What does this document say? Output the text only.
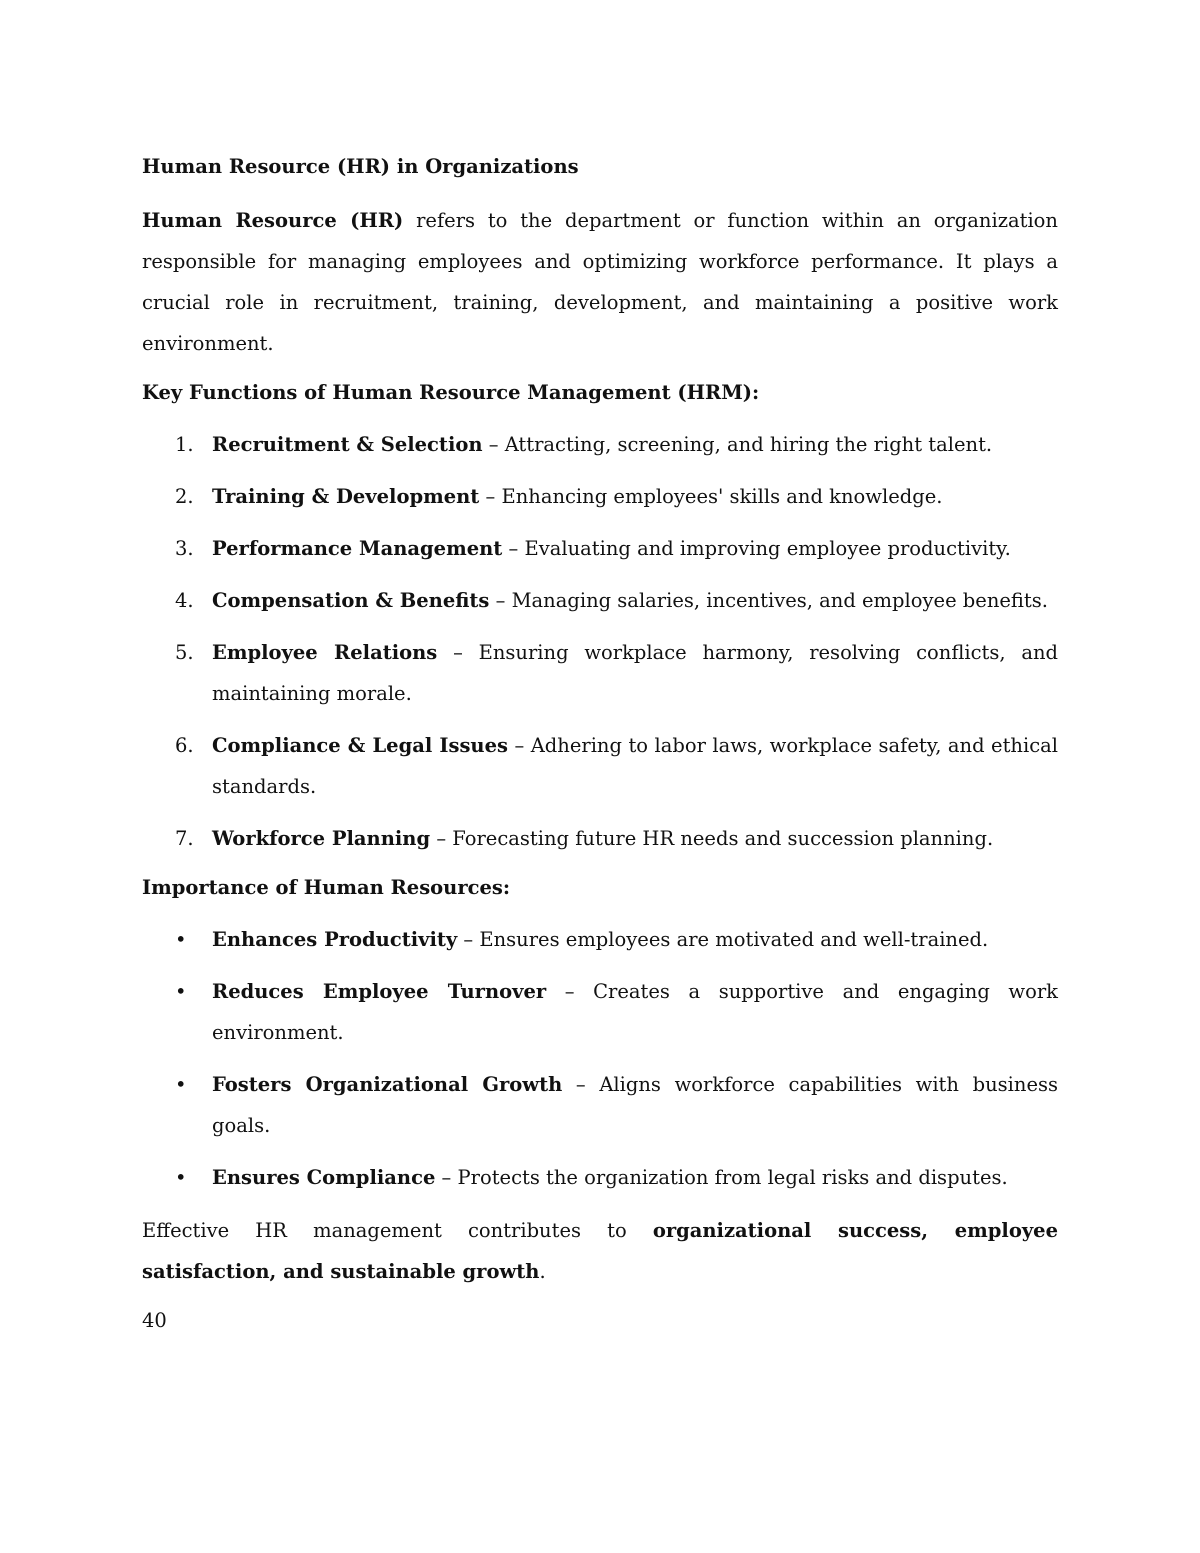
Human Resource (HR) in Organizations

Human Resource (HR) refers to the department or function within an organization responsible for managing employees and optimizing workforce performance. It plays a crucial role in recruitment, training, development, and maintaining a positive work environment.

Key Functions of Human Resource Management (HRM):

1. Recruitment & Selection – Attracting, screening, and hiring the right talent.
2. Training & Development – Enhancing employees' skills and knowledge.
3. Performance Management – Evaluating and improving employee productivity.
4. Compensation & Benefits – Managing salaries, incentives, and employee benefits.
5. Employee Relations – Ensuring workplace harmony, resolving conflicts, and maintaining morale.
6. Compliance & Legal Issues – Adhering to labor laws, workplace safety, and ethical standards.
7. Workforce Planning – Forecasting future HR needs and succession planning.

Importance of Human Resources:

• Enhances Productivity – Ensures employees are motivated and well-trained.
• Reduces Employee Turnover – Creates a supportive and engaging work environment.
• Fosters Organizational Growth – Aligns workforce capabilities with business goals.
• Ensures Compliance – Protects the organization from legal risks and disputes.

Effective HR management contributes to organizational success, employee satisfaction, and sustainable growth.

40
